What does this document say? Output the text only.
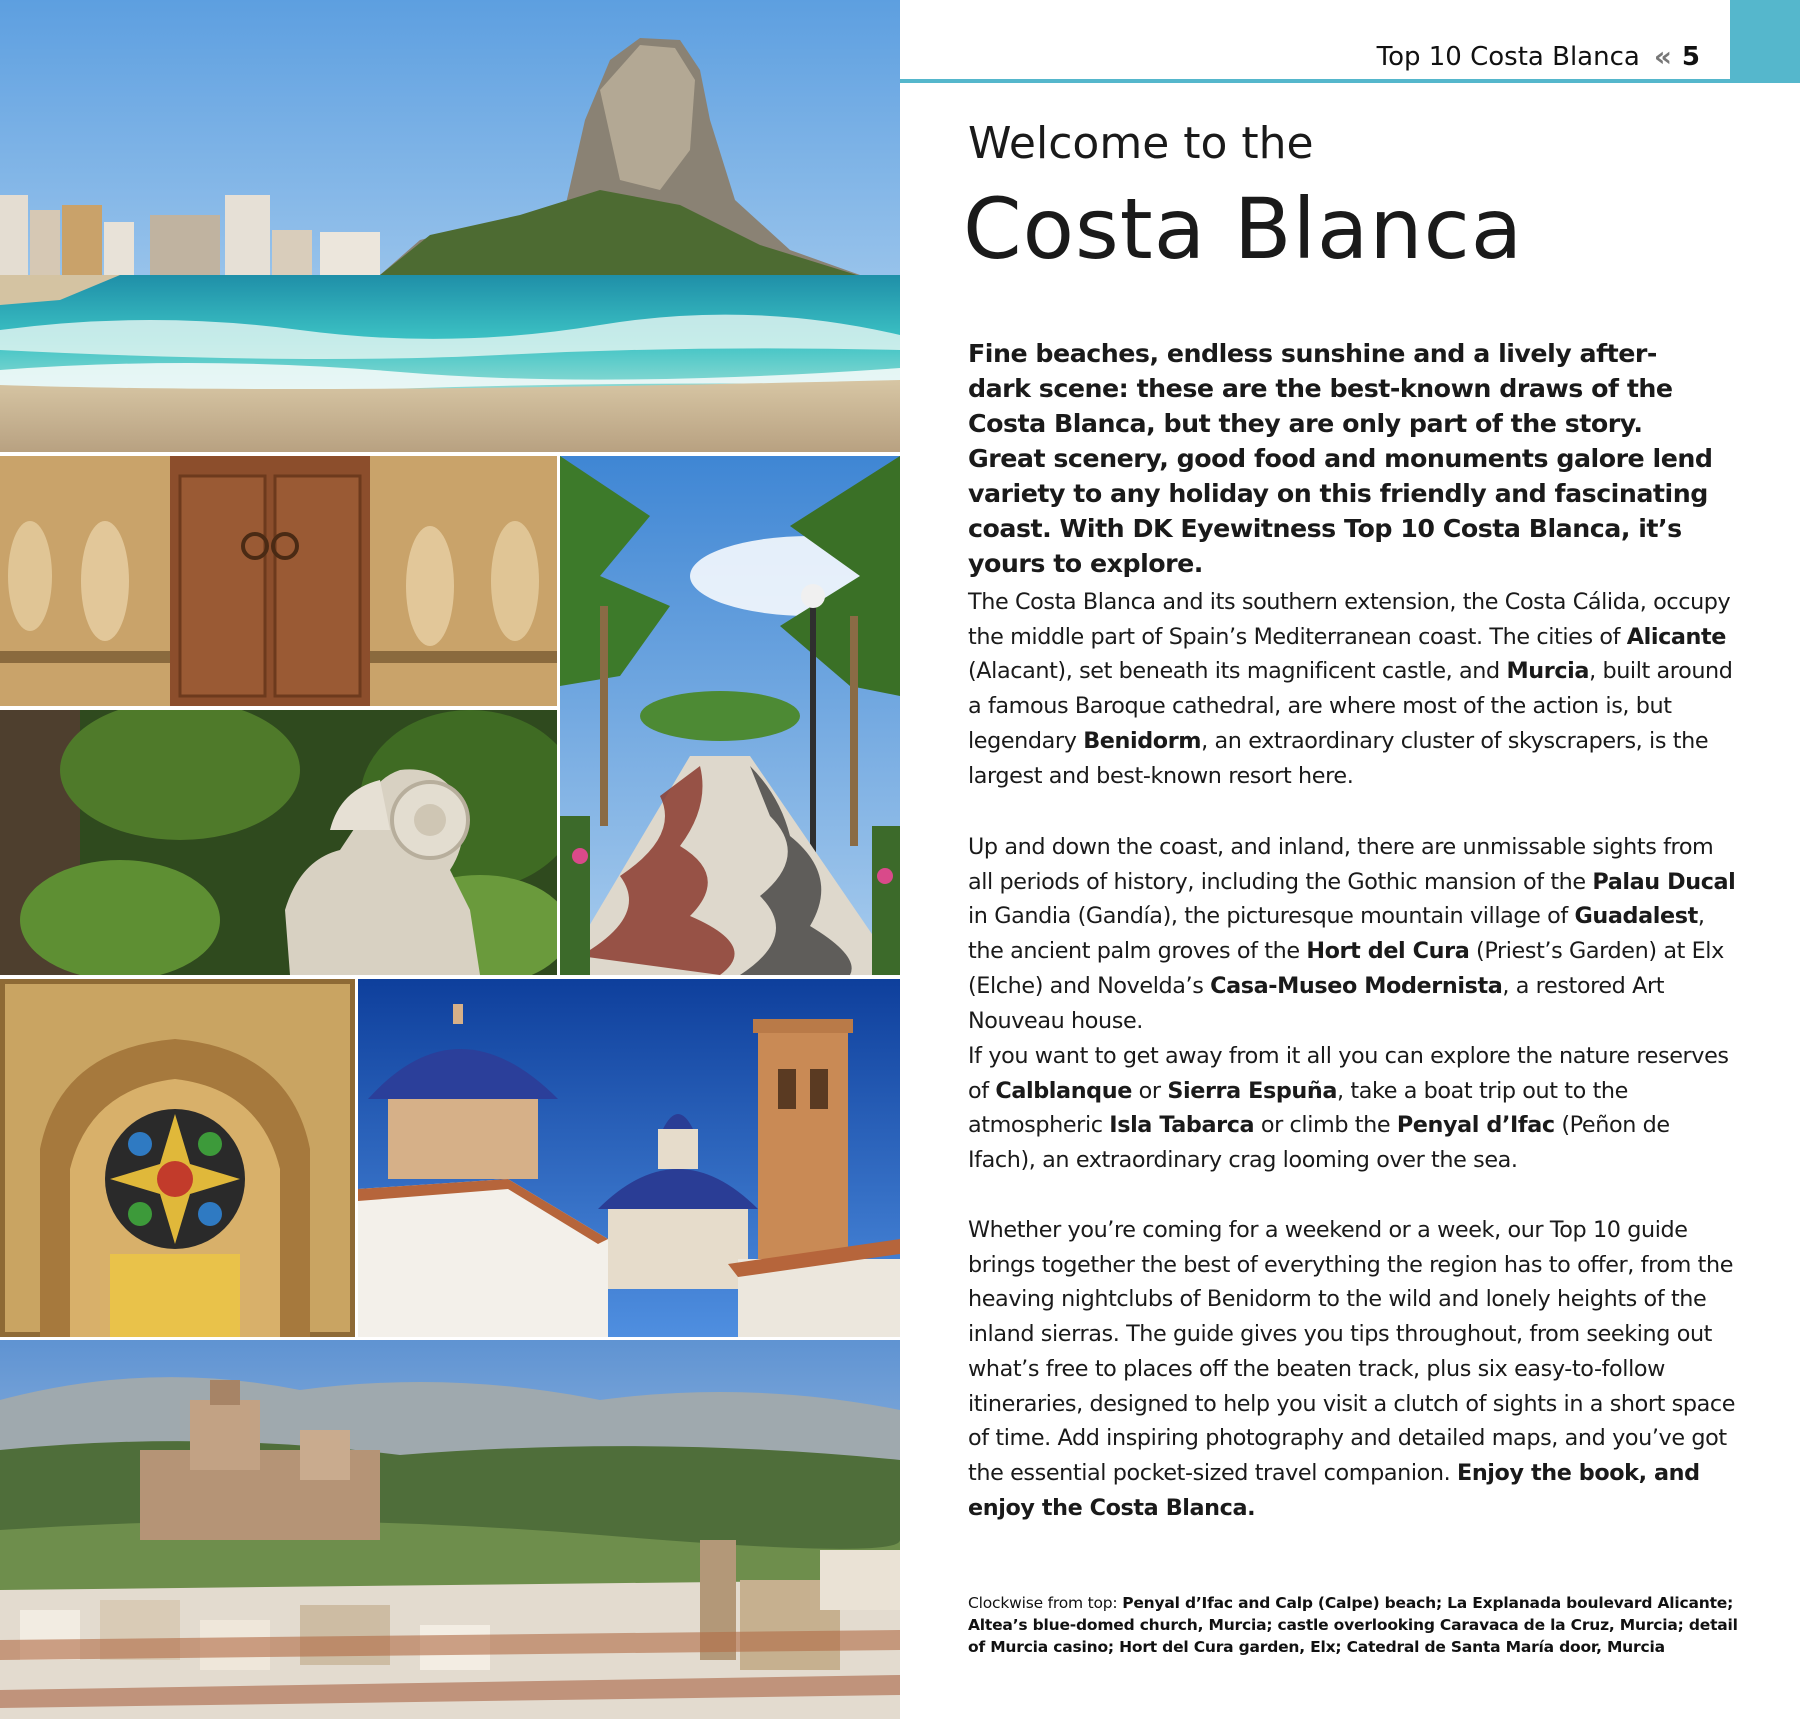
Top 10 Costa Blanca « 5
Welcome to the
Costa Blanca

Fine beaches, endless sunshine and a lively after-dark scene: these are the best-known draws of the Costa Blanca, but they are only part of the story. Great scenery, good food and monuments galore lend variety to any holiday on this friendly and fascinating coast. With DK Eyewitness Top 10 Costa Blanca, it’s yours to explore.

The Costa Blanca and its southern extension, the Costa Cálida, occupy the middle part of Spain’s Mediterranean coast. The cities of Alicante (Alacant), set beneath its magnificent castle, and Murcia, built around a famous Baroque cathedral, are where most of the action is, but legendary Benidorm, an extraordinary cluster of skyscrapers, is the largest and best-known resort here.

Up and down the coast, and inland, there are unmissable sights from all periods of history, including the Gothic mansion of the Palau Ducal in Gandia (Gandía), the picturesque mountain village of Guadalest, the ancient palm groves of the Hort del Cura (Priest’s Garden) at Elx (Elche) and Novelda’s Casa-Museo Modernista, a restored Art Nouveau house.

If you want to get away from it all you can explore the nature reserves of Calblanque or Sierra Espuña, take a boat trip out to the atmospheric Isla Tabarca or climb the Penyal d’Ifac (Peñon de Ifach), an extraordinary crag looming over the sea.

Whether you’re coming for a weekend or a week, our Top 10 guide brings together the best of everything the region has to offer, from the heaving nightclubs of Benidorm to the wild and lonely heights of the inland sierras. The guide gives you tips throughout, from seeking out what’s free to places off the beaten track, plus six easy-to-follow itineraries, designed to help you visit a clutch of sights in a short space of time. Add inspiring photography and detailed maps, and you’ve got the essential pocket-sized travel companion. Enjoy the book, and enjoy the Costa Blanca.

Clockwise from top: Penyal d’Ifac and Calp (Calpe) beach; La Explanada boulevard Alicante; Altea’s blue-domed church, Murcia; castle overlooking Caravaca de la Cruz, Murcia; detail of Murcia casino; Hort del Cura garden, Elx; Catedral de Santa María door, Murcia
